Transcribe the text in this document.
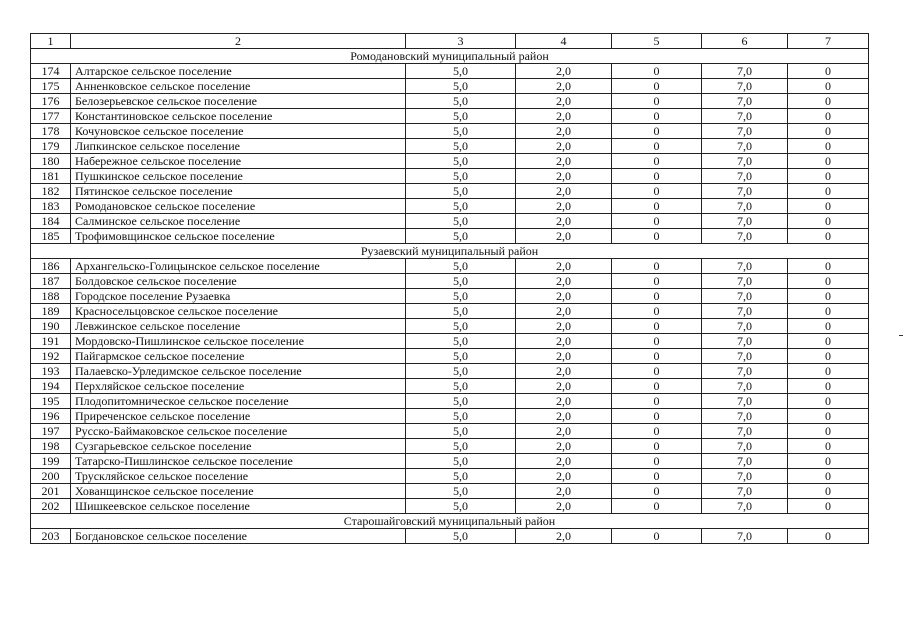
1	2	3	4	5	6	7
Ромодановский муниципальный район						
174	Алтарское сельское поселение	5,0	2,0	0	7,0	0
175	Анненковское сельское поселение	5,0	2,0	0	7,0	0
176	Белозерьевское сельское поселение	5,0	2,0	0	7,0	0
177	Константиновское сельское поселение	5,0	2,0	0	7,0	0
178	Кочуновское сельское поселение	5,0	2,0	0	7,0	0
179	Липкинское сельское поселение	5,0	2,0	0	7,0	0
180	Набережное сельское поселение	5,0	2,0	0	7,0	0
181	Пушкинское сельское поселение	5,0	2,0	0	7,0	0
182	Пятинское сельское поселение	5,0	2,0	0	7,0	0
183	Ромодановское сельское поселение	5,0	2,0	0	7,0	0
184	Салминское сельское поселение	5,0	2,0	0	7,0	0
185	Трофимовщинское сельское поселение	5,0	2,0	0	7,0	0
Рузаевский муниципальный район						
186	Архангельско-Голицынское сельское поселение	5,0	2,0	0	7,0	0
187	Болдовское сельское поселение	5,0	2,0	0	7,0	0
188	Городское поселение Рузаевка	5,0	2,0	0	7,0	0
189	Красносельцовское сельское поселение	5,0	2,0	0	7,0	0
190	Левжинское сельское поселение	5,0	2,0	0	7,0	0
191	Мордовско-Пишлинское сельское поселение	5,0	2,0	0	7,0	0
192	Пайгармское сельское поселение	5,0	2,0	0	7,0	0
193	Палаевско-Урледимское сельское поселение	5,0	2,0	0	7,0	0
194	Перхляйское сельское поселение	5,0	2,0	0	7,0	0
195	Плодопитомническое сельское поселение	5,0	2,0	0	7,0	0
196	Приреченское сельское поселение	5,0	2,0	0	7,0	0
197	Русско-Баймаковское сельское поселение	5,0	2,0	0	7,0	0
198	Сузгарьевское сельское поселение	5,0	2,0	0	7,0	0
199	Татарско-Пишлинское сельское поселение	5,0	2,0	0	7,0	0
200	Трускляйское сельское поселение	5,0	2,0	0	7,0	0
201	Хованщинское сельское поселение	5,0	2,0	0	7,0	0
202	Шишкеевское сельское поселение	5,0	2,0	0	7,0	0
Старошайговский муниципальный район						
203	Богдановское сельское поселение	5,0	2,0	0	7,0	0
